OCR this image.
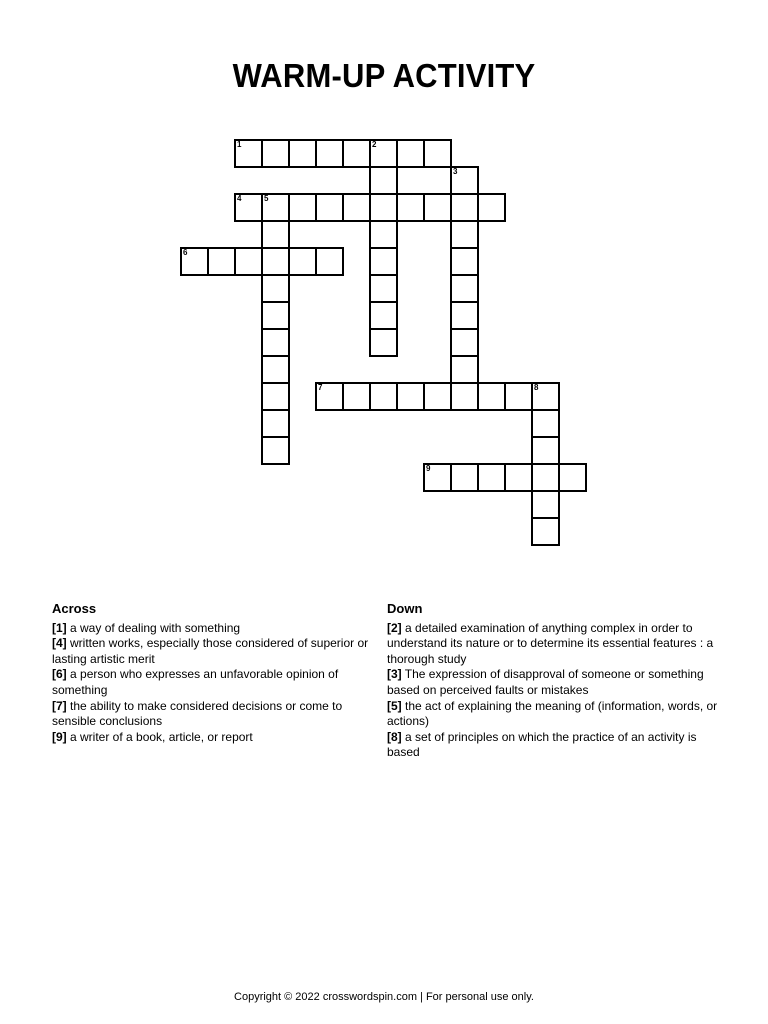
WARM-UP ACTIVITY
1	2
3
4	5
6
7	8
9
Across

[1] a way of dealing with something

[4] written works, especially those considered of superior or lasting artistic merit

[6] a person who expresses an unfavorable opinion of something

[7] the ability to make considered decisions or come to sensible conclusions

[9] a writer of a book, article, or report

Down

[2] a detailed examination of anything complex in order to understand its nature or to determine its essential features : a thorough study

[3] The expression of disapproval of someone or something based on perceived faults or mistakes

[5] the act of explaining the meaning of (information, words, or actions)

[8] a set of principles on which the practice of an activity is based

Copyright © 2022 crosswordspin.com | For personal use only.
